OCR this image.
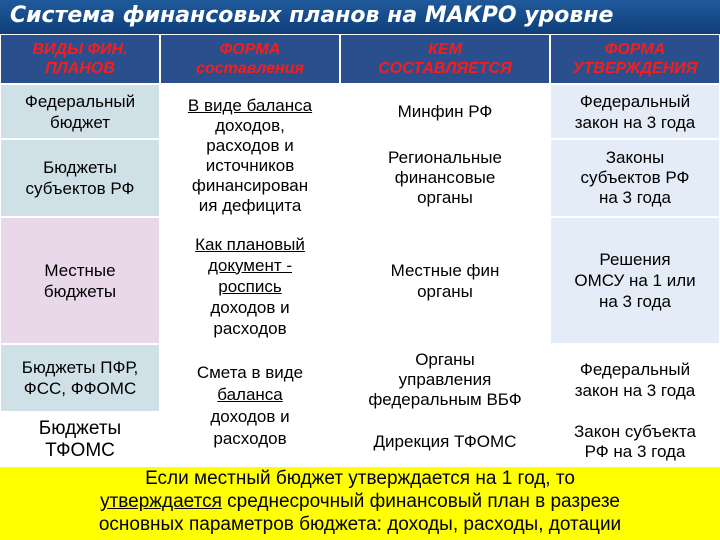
Система финансовых планов на МАКРО уровне
ВИДЫ ФИН.
ПЛАНОВ
ФОРМА
составления
КЕМ
СОСТАВЛЯЕТСЯ
ФОРМА
УТВЕРЖДЕНИЯ
Федеральный
бюджет
Бюджеты
субъектов РФ
Местные
бюджеты
Бюджеты ПФР,
ФСС, ФФОМС
Бюджеты
ТФОМС
В виде баланса
доходов,
расходов и
источников
финансирован
ия дефицита
Как плановый
документ -
роспись
доходов и
расходов
Смета в виде
баланса
доходов и
расходов
Минфин РФ
Региональные
финансовые
органы
Местные фин
органы
Органы
управления
федеральным ВБФ
Дирекция ТФОМС
Федеральный
закон на 3 года
Законы
субъектов РФ
на 3 года
Решения
ОМСУ на 1 или
на 3 года
Федеральный
закон на 3 года
Закон субъекта
РФ на 3 года
Если местный бюджет утверждается на 1 год, то
утверждается среднесрочный финансовый план в разрезе
основных параметров бюджета: доходы, расходы, дотации
